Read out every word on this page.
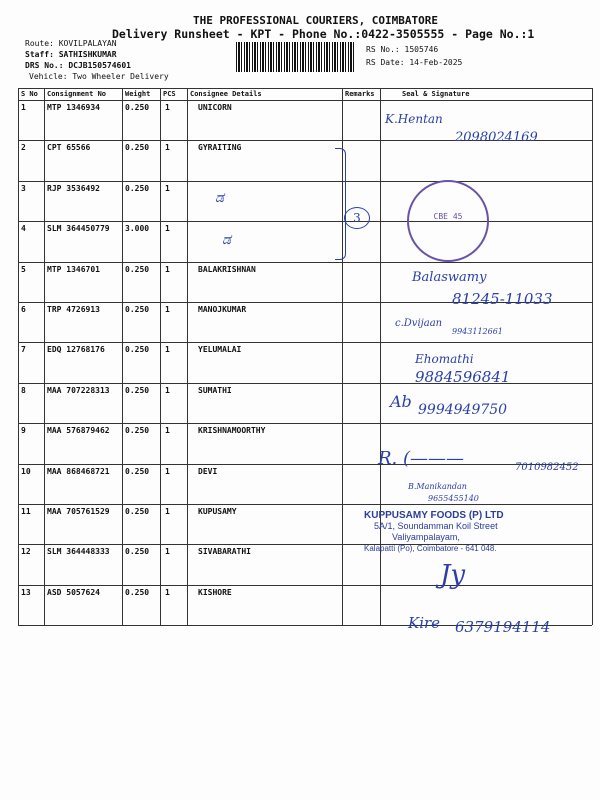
THE PROFESSIONAL COURIERS, COIMBATORE
Delivery Runsheet - KPT - Phone No.:0422-3505555 - Page No.:1
Route: KOVILPALAYAN
Staff: SATHISHKUMAR
DRS No.: DCJB150574601
Vehicle: Two Wheeler Delivery
RS No.: 1505746
RS Date: 14-Feb-2025
S No Consignment No	Weight PCS Consignee Details	Remarks	Seal & Signature
1	MTP 1346934	0.250 1	UNICORN
2	CPT 65566	0.250 1	GYRAITING
3	RJP 3536492	0.250 1
4	SLM 364450779 3.000 1
5	MTP 1346701	0.250 1	BALAKRISHNAN
6	TRP 4726913	0.250 1	MANOJKUMAR
7	EDQ 12768176	0.250 1	YELUMALAI
8	MAA 707228313 0.250 1	SUMATHI
9	MAA 576879462 0.250 1	KRISHNAMOORTHY
10 MAA 868468721 0.250 1	DEVI
11 MAA 705761529 0.250 1	KUPUSAMY
12 SLM 364448333 0.250 1	SIVABARATHI
13 ASD 5057624	0.250 1	KISHORE
3
ಡ
ಡ
CBE 45
K.Hentan
2098024169
Balaswamy
81245-11033
c.Dvijaan
9943112661
Ehomathi
9884596841
Ab 9994949750
R. (———	7010982452
B.Manikandan
9655455140
KUPPUSAMY FOODS (P) LTD
5A/1, Soundamman Koil Street
Valiyampalayam,
Kalapatti (Po), Coimbatore - 641 048.
Jy
Kire 6379194114
